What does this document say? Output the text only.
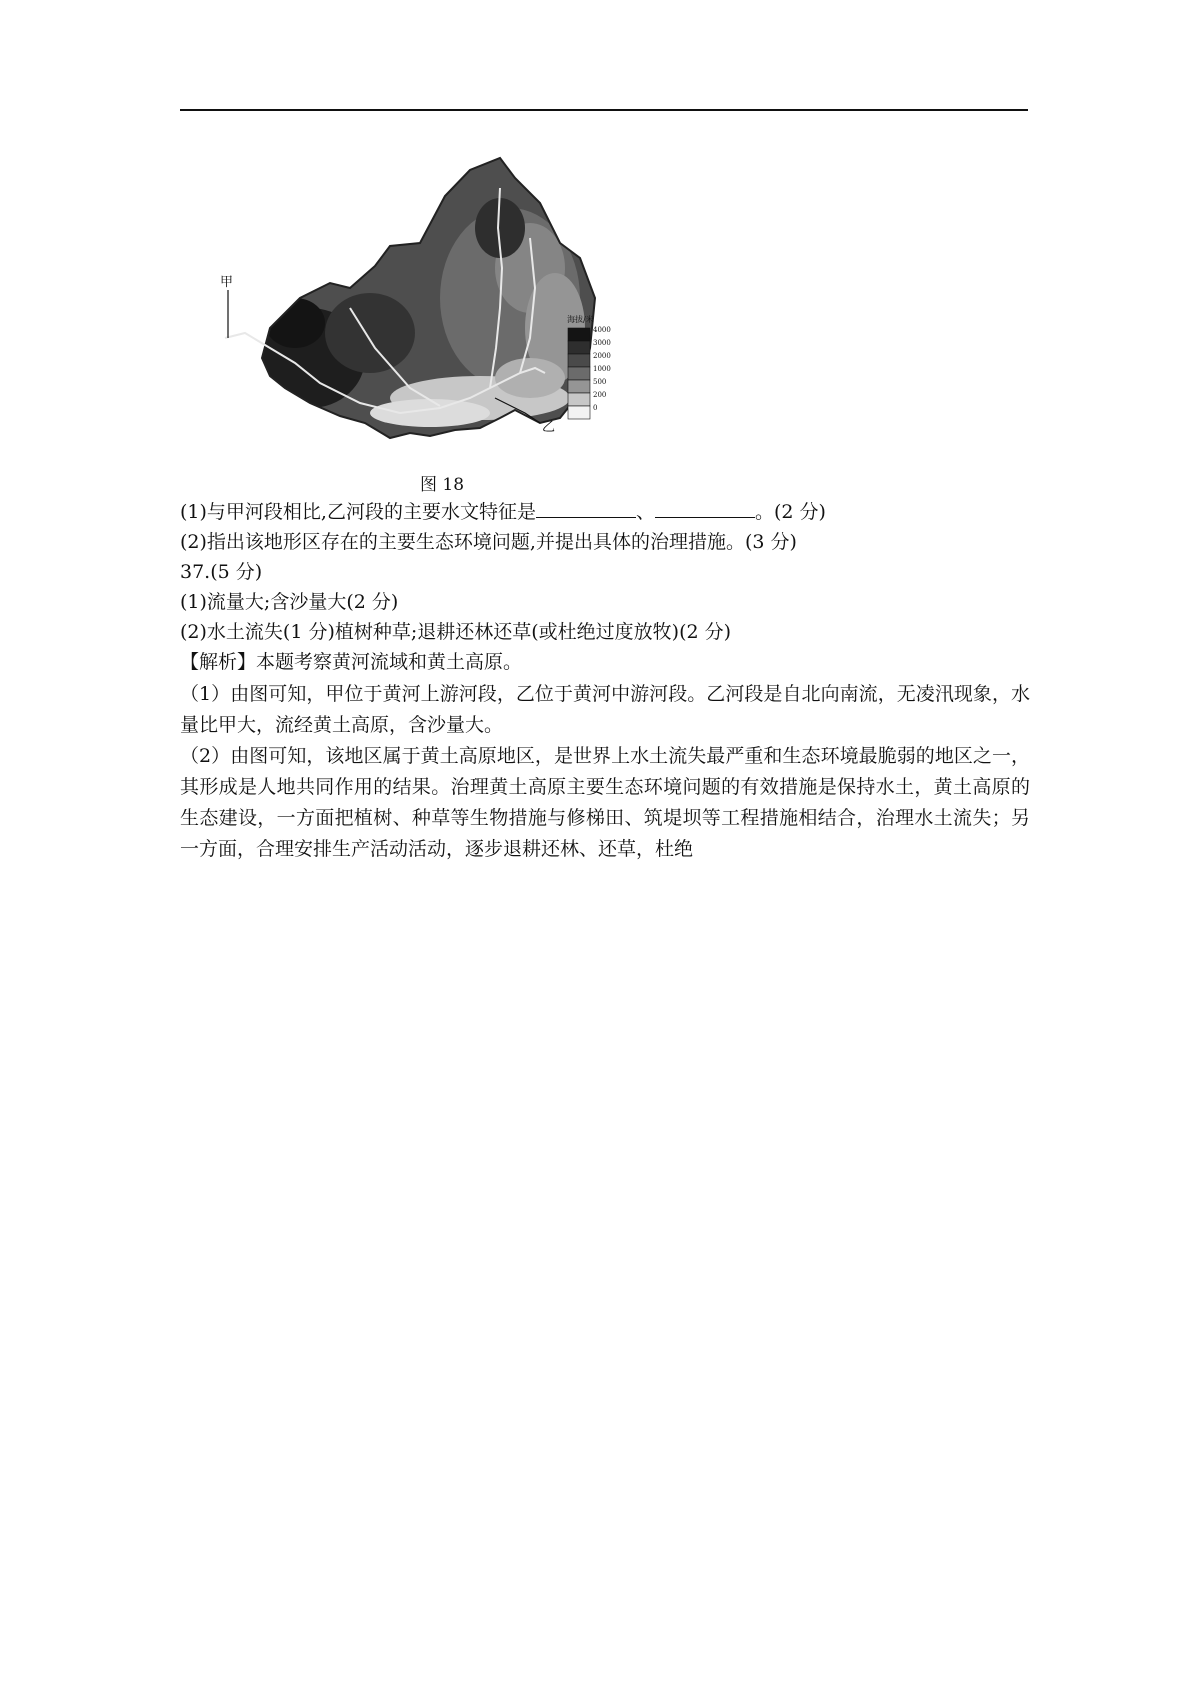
甲
乙
海拔/米
4000
3000
2000
1000
500
200
0
图 18
(1)与甲河段相比,乙河段的主要水文特征是	、	。(2 分)
(2)指出该地形区存在的主要生态环境问题,并提出具体的治理措施。(3 分)
37.(5 分)
(1)流量大;含沙量大(2 分)
(2)水土流失(1 分)植树种草;退耕还林还草(或杜绝过度放牧)(2 分)
【解析】本题考察黄河流域和黄土高原。
（1）由图可知，甲位于黄河上游河段，乙位于黄河中游河段。乙河段是自北向南流，无凌汛现象，水量比甲大，流经黄土高原，含沙量大。
（2）由图可知，该地区属于黄土高原地区，是世界上水土流失最严重和生态环境最脆弱的地区之一，其形成是人地共同作用的结果。治理黄土高原主要生态环境问题的有效措施是保持水土，黄土高原的生态建设，一方面把植树、种草等生物措施与修梯田、筑堤坝等工程措施相结合，治理水土流失；另一方面，合理安排生产活动活动，逐步退耕还林、还草，杜绝
